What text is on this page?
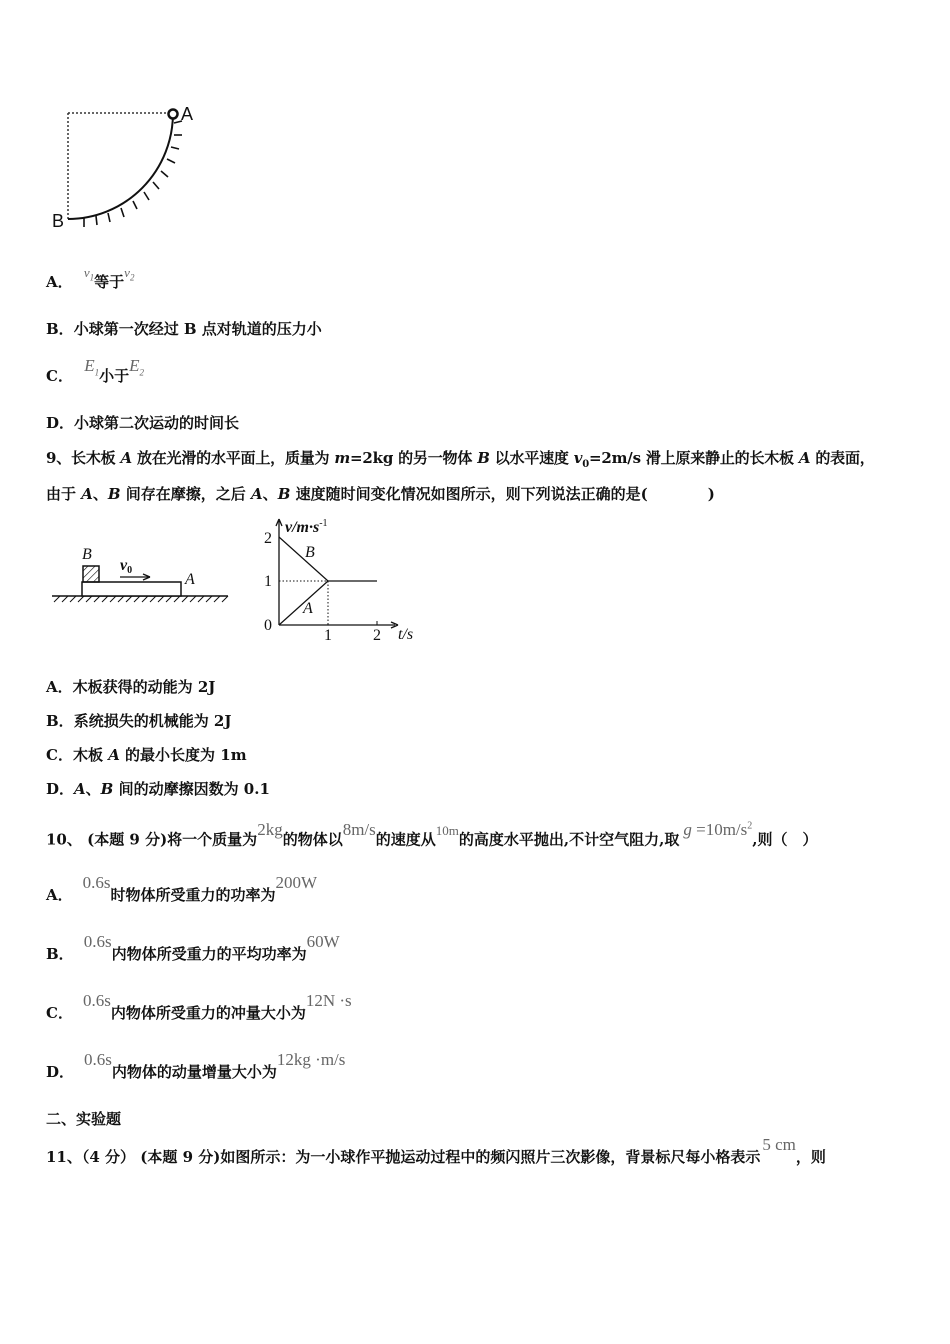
A
B
A． $v_1$等于$v_2$
B．小球第一次经过 B 点对轨道的压力小
C． $E_1$小于$E_2$
D．小球第二次运动的时间长
9、长木板 A 放在光滑的水平面上，质量为 m=2kg 的另一物体 B 以水平速度 $v_0=2m/s$ 滑上原来静止的长木板 A 的表面，
由于 A、B 间存在摩擦，之后 A、B 速度随时间变化情况如图所示，则下列说法正确的是(	)
B
v0
A
$v/m\cdot s^{-1}$
2
1
0
1	2 t/s
B
A
A．木板获得的动能为 2J
B．系统损失的机械能为 2J
C．木板 A 的最小长度为 1m
D．A、B 间的动摩擦因数为 0.1
10、 (本题 9 分)将一个质量为2kg的物体以8m/s的速度从10m的高度水平抛出,不计空气阻力,取$g =10m/s^2$,则（　）
A．0.6s时物体所受重力的功率为200W
B．0.6s内物体所受重力的平均功率为60W
C．0.6s内物体所受重力的冲量大小为12N ·s
D．0.6s内物体的动量增量大小为12kg ·m/s
二、实验题
11、（4 分） (本题 9 分)如图所示：为一小球作平抛运动过程中的频闪照片三次影像，背景标尺每小格表示5 cm，则
